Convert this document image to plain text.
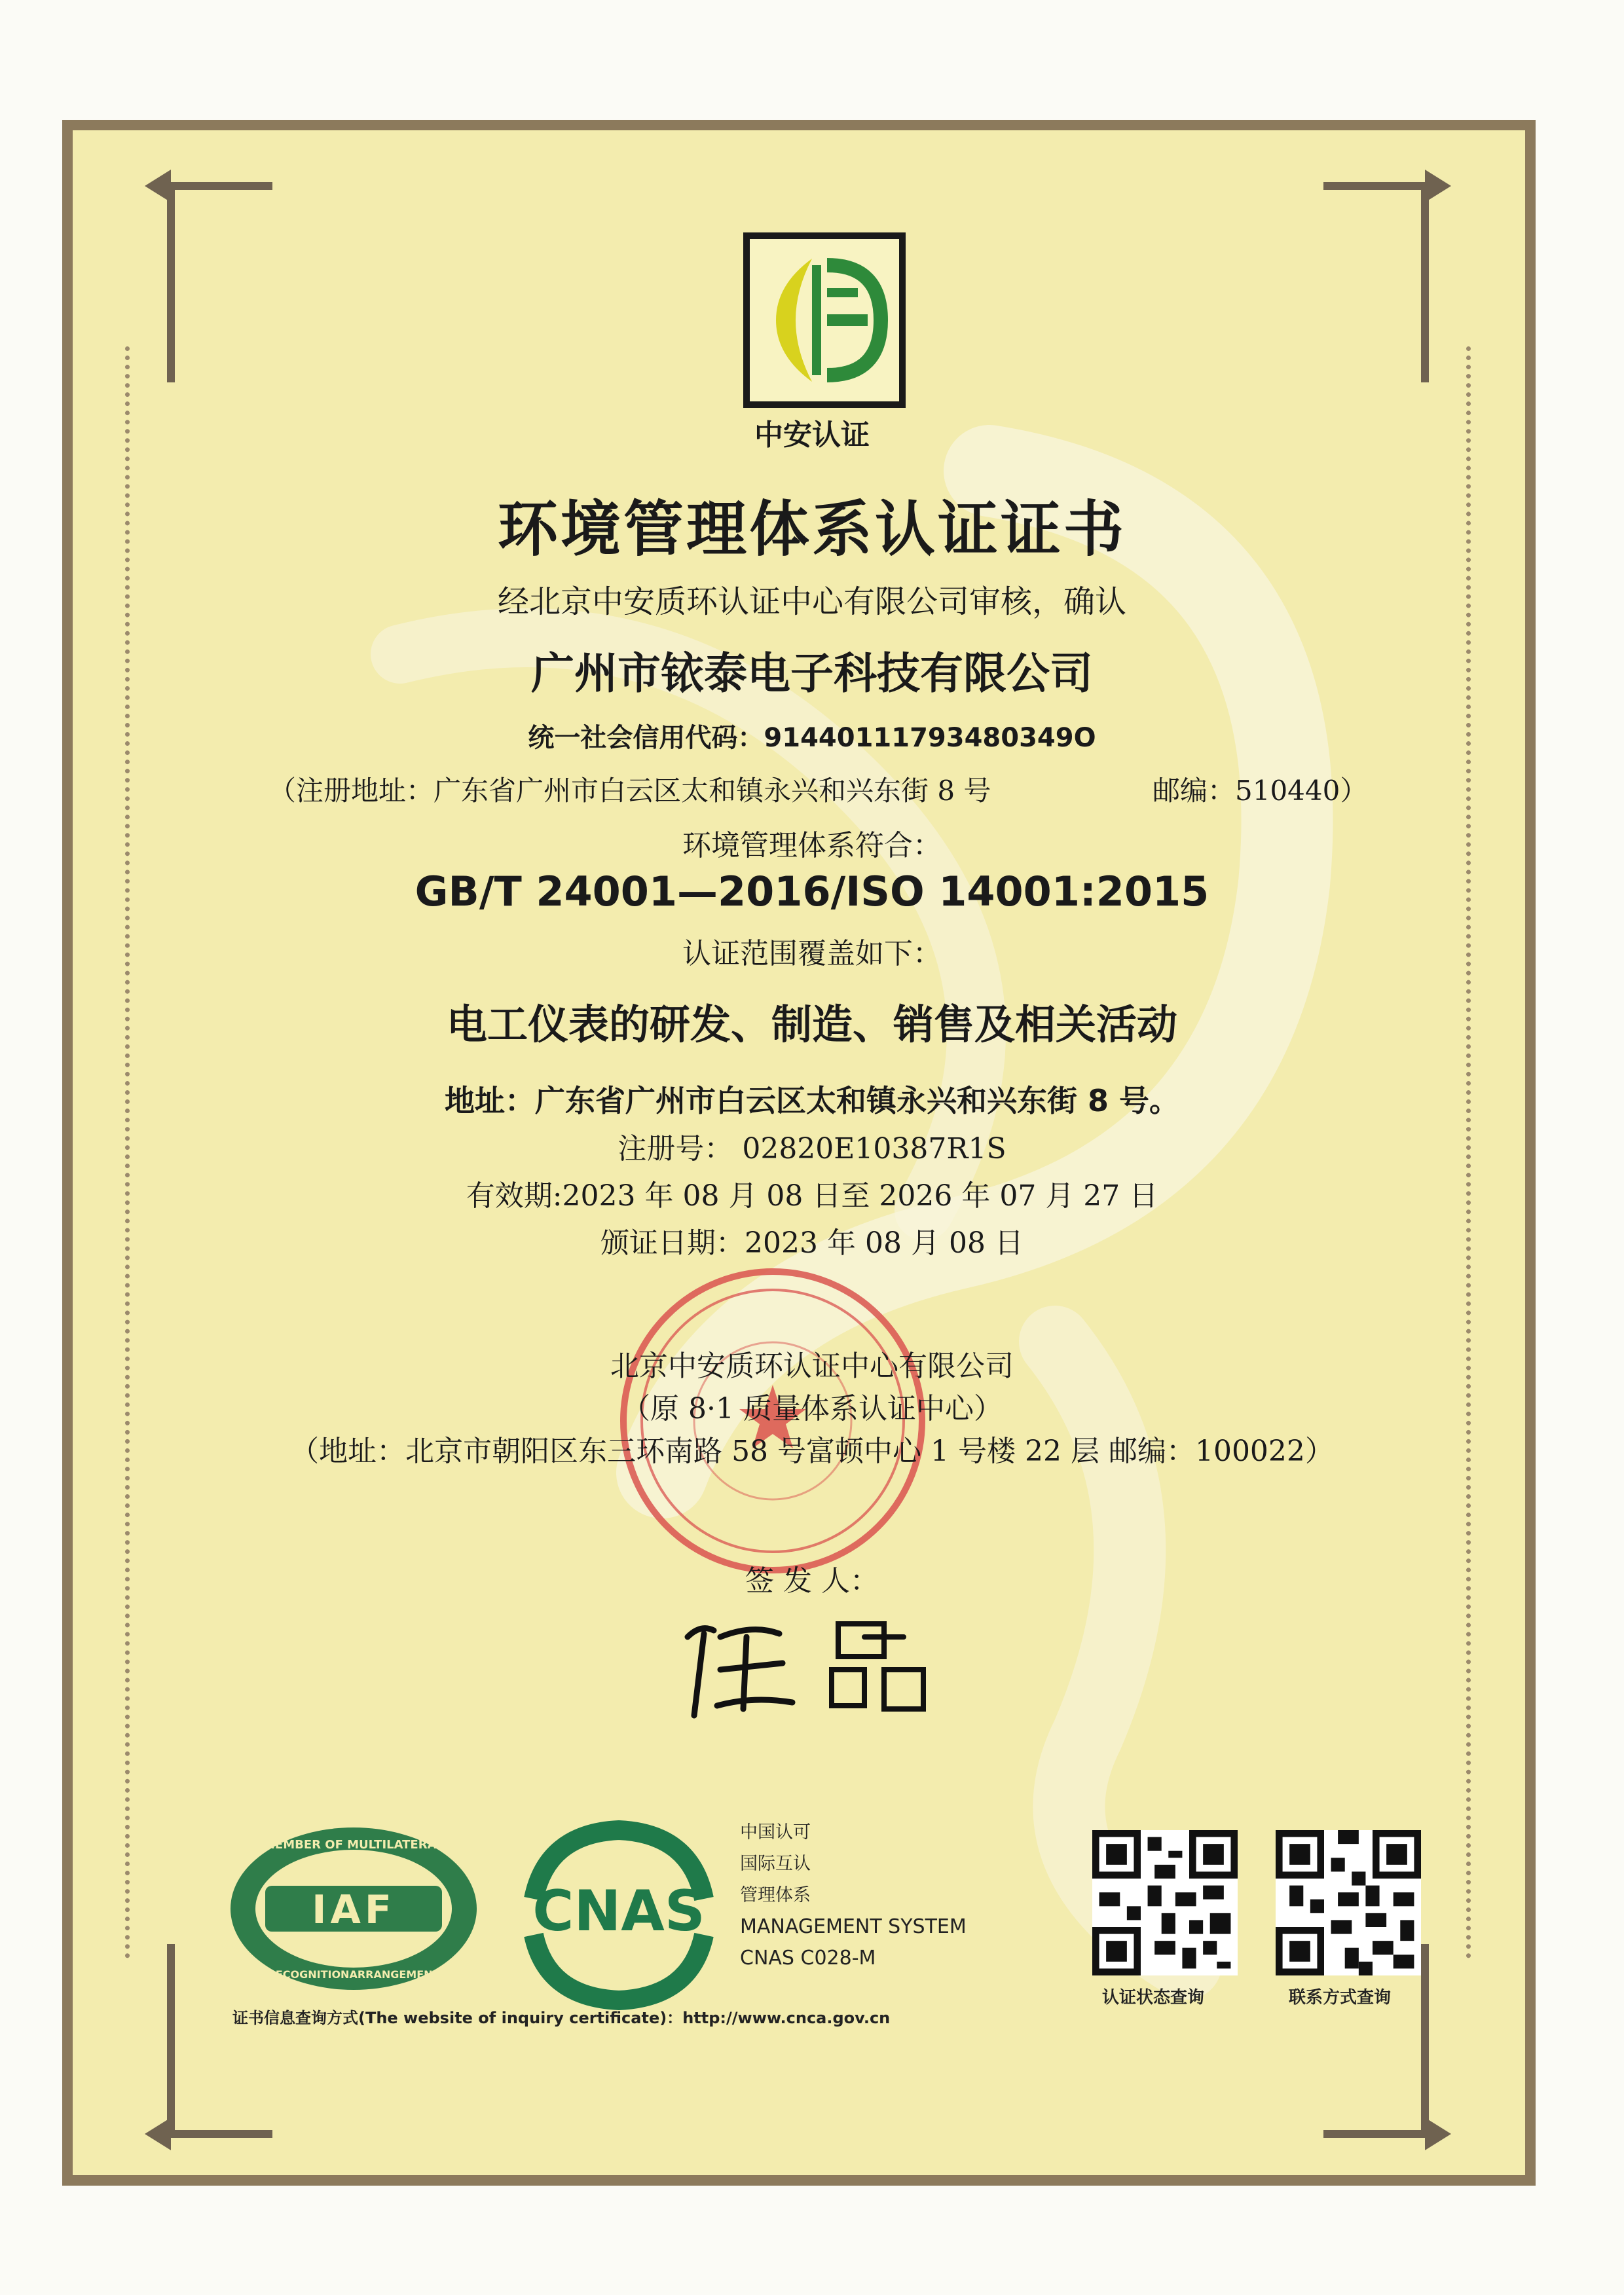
中安认证
环境管理体系认证证书
经北京中安质环认证中心有限公司审核，确认
广州市铱泰电子科技有限公司
统一社会信用代码：91440111793480349O
（注册地址：广东省广州市白云区太和镇永兴和兴东街 8 号	邮编：510440）
环境管理体系符合：
GB/T 24001—2016/ISO 14001:2015
认证范围覆盖如下：
电工仪表的研发、制造、销售及相关活动
地址：广东省广州市白云区太和镇永兴和兴东街 8 号。
注册号： 02820E10387R1S
有效期:2023 年 08 月 08 日至 2026 年 07 月 27 日
颁证日期：2023 年 08 月 08 日
北京中安质环认证中心有限公司
（原 8·1 质量体系认证中心）
（地址：北京市朝阳区东三环南路 58 号富顿中心 1 号楼 22 层 邮编：100022）
签 发 人：
IAF
MEMBER OF MULTILATERAL
RECOGNITIONARRANGEMENT
CNAS
中国认可
国际互认
管理体系
MANAGEMENT SYSTEM
CNAS C028-M
认证状态查询	联系方式查询
证书信息查询方式(The website of inquiry certificate)：http://www.cnca.gov.cn
